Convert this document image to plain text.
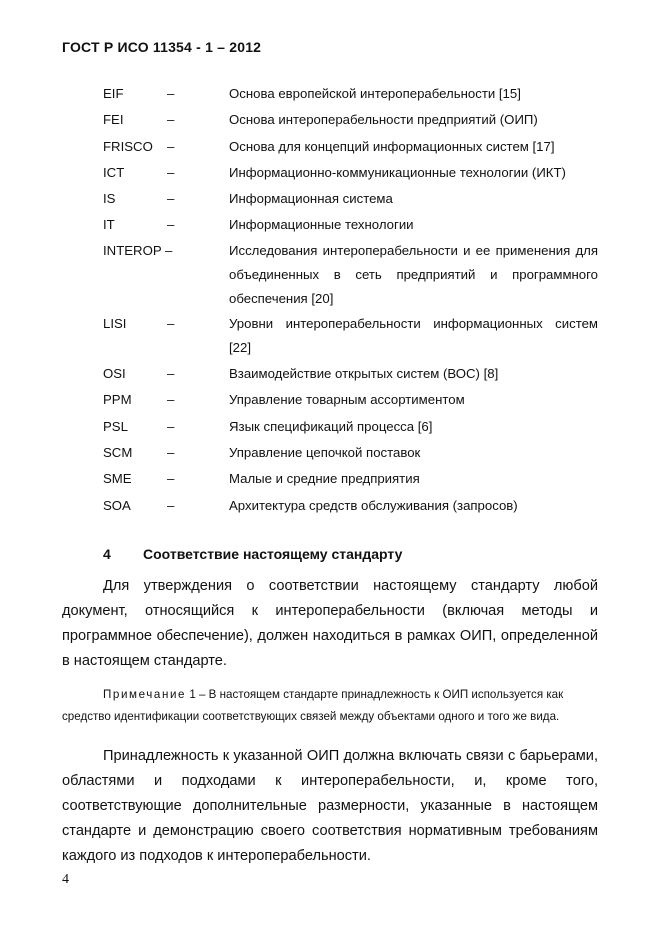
ГОСТ Р ИСО 11354 - 1 – 2012
EIF	–	Основа европейской интероперабельности [15]
FEI	–	Основа интероперабельности предприятий (ОИП)
FRISCO –	Основа для концепций информационных систем [17]
ICT	–	Информационно-коммуникационные технологии (ИКТ)
IS	–	Информационная система
IT	–	Информационные технологии
INTEROP –	Исследования интероперабельности и ее применения для
объединенных в сеть предприятий и программного
обеспечения [20]
LISI	–	Уровни интероперабельности информационных систем
[22]
OSI	–	Взаимодействие открытых систем (ВОС) [8]
PPM	–	Управление товарным ассортиментом
PSL	–	Язык спецификаций процесса [6]
SCM	–	Управление цепочкой поставок
SME	–	Малые и средние предприятия
SOA	–	Архитектура средств обслуживания (запросов)
4 Соответствие настоящему стандарту
Для утверждения о соответствии настоящему стандарту любой
документ, относящийся к интероперабельности (включая методы и
программное обеспечение), должен находиться в рамках ОИП, определенной
в настоящем стандарте.
Примечание 1 – В настоящем стандарте принадлежность к ОИП используется как
средство идентификации соответствующих связей между объектами одного и того же вида.
Принадлежность к указанной ОИП должна включать связи с барьерами,
областями и подходами к интероперабельности, и, кроме того,
соответствующие дополнительные размерности, указанные в настоящем
стандарте и демонстрацию своего соответствия нормативным требованиям
каждого из подходов к интероперабельности.
4
